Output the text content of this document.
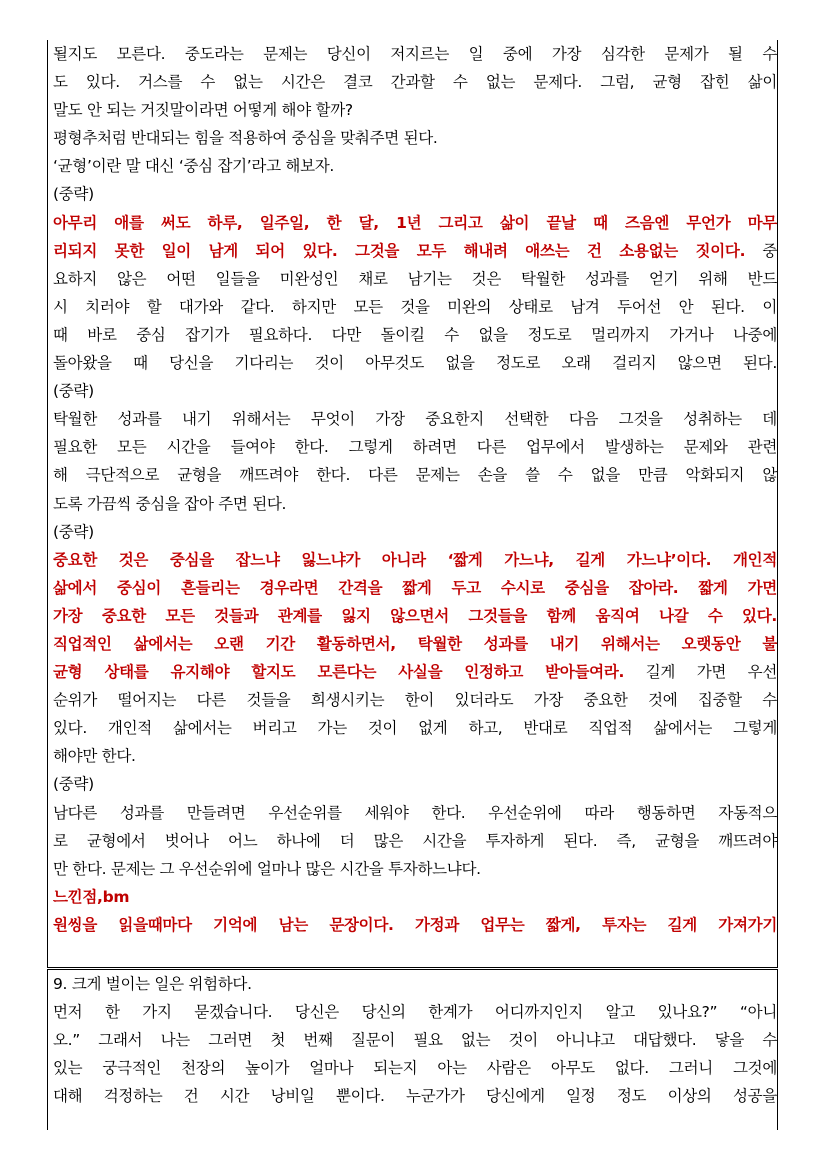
될지도 모른다. 중도라는 문제는 당신이 저지르는 일 중에 가장 심각한 문제가 될 수
도 있다. 거스를 수 없는 시간은 결코 간과할 수 없는 문제다. 그럼, 균형 잡힌 삶이
말도 안 되는 거짓말이라면 어떻게 해야 할까?
평형추처럼 반대되는 힘을 적용하여 중심을 맞춰주면 된다.
‘균형’이란 말 대신 ‘중심 잡기’라고 해보자.
(중략)
아무리 애를 써도 하루, 일주일, 한 달, 1년 그리고 삶이 끝날 때 즈음엔 무언가 마무
리되지 못한 일이 남게 되어 있다. 그것을 모두 해내려 애쓰는 건 소용없는 짓이다. 중
요하지 않은 어떤 일들을 미완성인 채로 남기는 것은 탁월한 성과를 얻기 위해 반드
시 치러야 할 대가와 같다. 하지만 모든 것을 미완의 상태로 남겨 두어선 안 된다. 이
때 바로 중심 잡기가 필요하다. 다만 돌이킬 수 없을 정도로 멀리까지 가거나 나중에
돌아왔을 때 당신을 기다리는 것이 아무것도 없을 정도로 오래 걸리지 않으면 된다.
(중략)
탁월한 성과를 내기 위해서는 무엇이 가장 중요한지 선택한 다음 그것을 성취하는 데
필요한 모든 시간을 들여야 한다. 그렇게 하려면 다른 업무에서 발생하는 문제와 관련
해 극단적으로 균형을 깨뜨려야 한다. 다른 문제는 손을 쓸 수 없을 만큼 악화되지 않
도록 가끔씩 중심을 잡아 주면 된다.
(중략)
중요한 것은 중심을 잡느냐 잃느냐가 아니라 ‘짧게 가느냐, 길게 가느냐’이다. 개인적
삶에서 중심이 흔들리는 경우라면 간격을 짧게 두고 수시로 중심을 잡아라. 짧게 가면
가장 중요한 모든 것들과 관계를 잃지 않으면서 그것들을 함께 움직여 나갈 수 있다.
직업적인 삶에서는 오랜 기간 활동하면서, 탁월한 성과를 내기 위해서는 오랫동안 불
균형 상태를 유지해야 할지도 모른다는 사실을 인정하고 받아들여라. 길게 가면 우선
순위가 떨어지는 다른 것들을 희생시키는 한이 있더라도 가장 중요한 것에 집중할 수
있다. 개인적 삶에서는 버리고 가는 것이 없게 하고, 반대로 직업적 삶에서는 그렇게
해야만 한다.
(중략)
남다른 성과를 만들려면 우선순위를 세워야 한다. 우선순위에 따라 행동하면 자동적으
로 균형에서 벗어나 어느 하나에 더 많은 시간을 투자하게 된다. 즉, 균형을 깨뜨려야
만 한다. 문제는 그 우선순위에 얼마나 많은 시간을 투자하느냐다.
느낀점,bm
원씽을 읽을때마다 기억에 남는 문장이다. 가정과 업무는 짧게, 투자는 길게 가져가기
9. 크게 벌이는 일은 위험하다.
먼저 한 가지 묻겠습니다. 당신은 당신의 한계가 어디까지인지 알고 있나요?” “아니
오.” 그래서 나는 그러면 첫 번째 질문이 필요 없는 것이 아니냐고 대답했다. 닿을 수
있는 궁극적인 천장의 높이가 얼마나 되는지 아는 사람은 아무도 없다. 그러니 그것에
대해 걱정하는 건 시간 낭비일 뿐이다. 누군가가 당신에게 일정 정도 이상의 성공을
